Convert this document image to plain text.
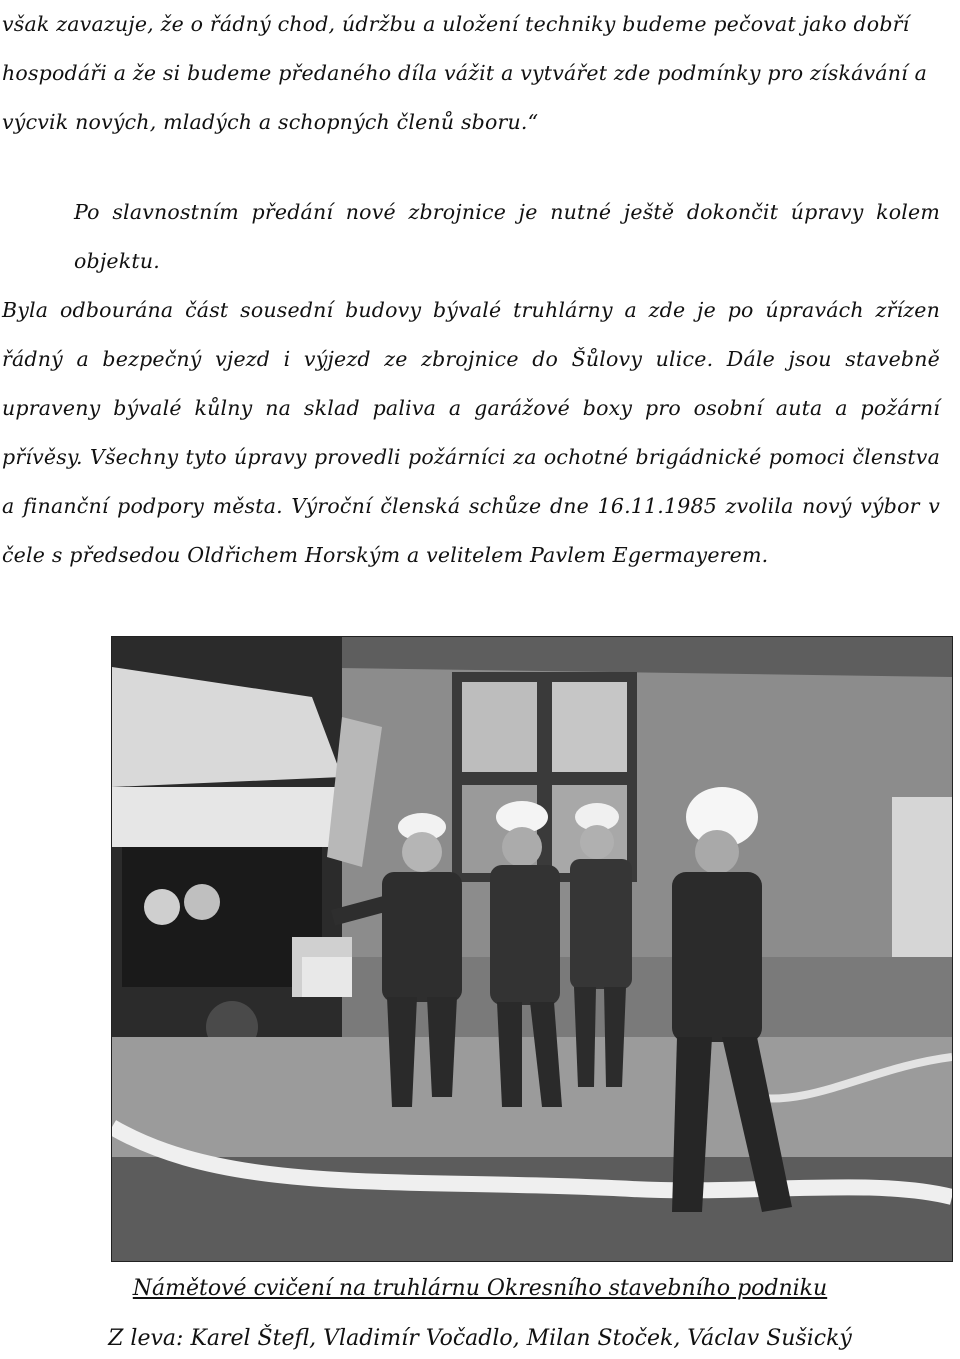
však zavazuje, že o řádný chod, údržbu a uložení techniky budeme pečovat jako dobří hospodáři a že si budeme předaného díla vážit a vytvářet zde podmínky pro získávání a výcvik nových, mladých a schopných členů sboru.“
Po slavnostním předání nové zbrojnice je nutné ještě dokončit úpravy kolem objektu.
Byla odbourána část sousední budovy bývalé truhlárny a zde je po úpravách zřízen řádný a bezpečný vjezd i výjezd ze zbrojnice do Šůlovy ulice. Dále jsou stavebně upraveny bývalé kůlny na sklad paliva a garážové boxy pro osobní auta a požární přívěsy. Všechny tyto úpravy provedli požárníci za ochotné brigádnické pomoci členstva a finanční podpory města. Výroční členská schůze dne 16.11.1985 zvolila nový výbor v čele s předsedou Oldřichem Horským a velitelem Pavlem Egermayerem.
Námětové cvičení na truhlárnu Okresního stavebního podniku
Z leva: Karel Štefl, Vladimír Vočadlo, Milan Stoček, Václav Sušický
